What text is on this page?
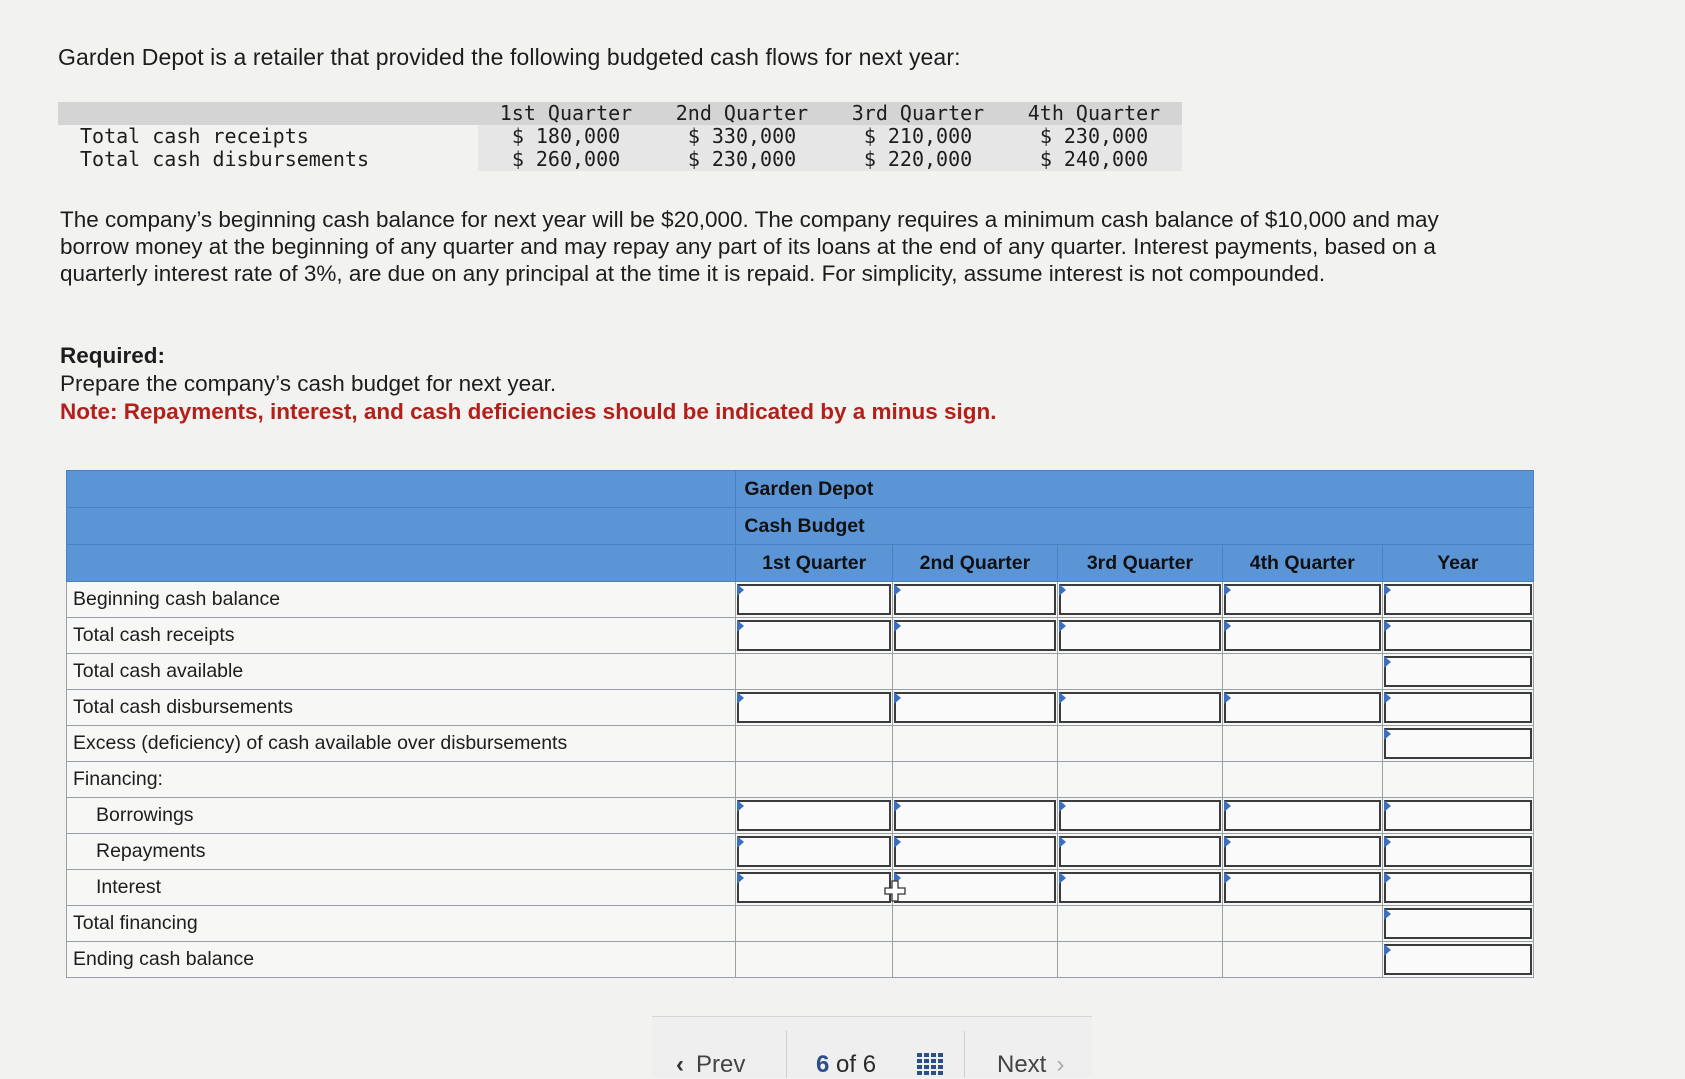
Garden Depot is a retailer that provided the following budgeted cash flows for next year:
	1st Quarter	2nd Quarter	3rd Quarter	4th Quarter
Total cash receipts	$ 180,000	$ 330,000	$ 210,000	$ 230,000
Total cash disbursements	$ 260,000	$ 230,000	$ 220,000	$ 240,000
The company’s beginning cash balance for next year will be $20,000. The company requires a minimum cash balance of $10,000 and may borrow money at the beginning of any quarter and may repay any part of its loans at the end of any quarter. Interest payments, based on a quarterly interest rate of 3%, are due on any principal at the time it is repaid. For simplicity, assume interest is not compounded.
Required:
Prepare the company’s cash budget for next year.
Note: Repayments, interest, and cash deficiencies should be indicated by a minus sign.
	Garden Depot				
	Cash Budget				
	1st Quarter	2nd Quarter	3rd Quarter	4th Quarter	Year
Beginning cash balance	

Total cash receipts	

Total cash available					

Total cash disbursements	

Excess (deficiency) of cash available over disbursements					

Financing:					
Borrowings	

Repayments	

Interest	

Total financing					

Ending cash balance					
‹ Prev	6 of 6	Next ›
